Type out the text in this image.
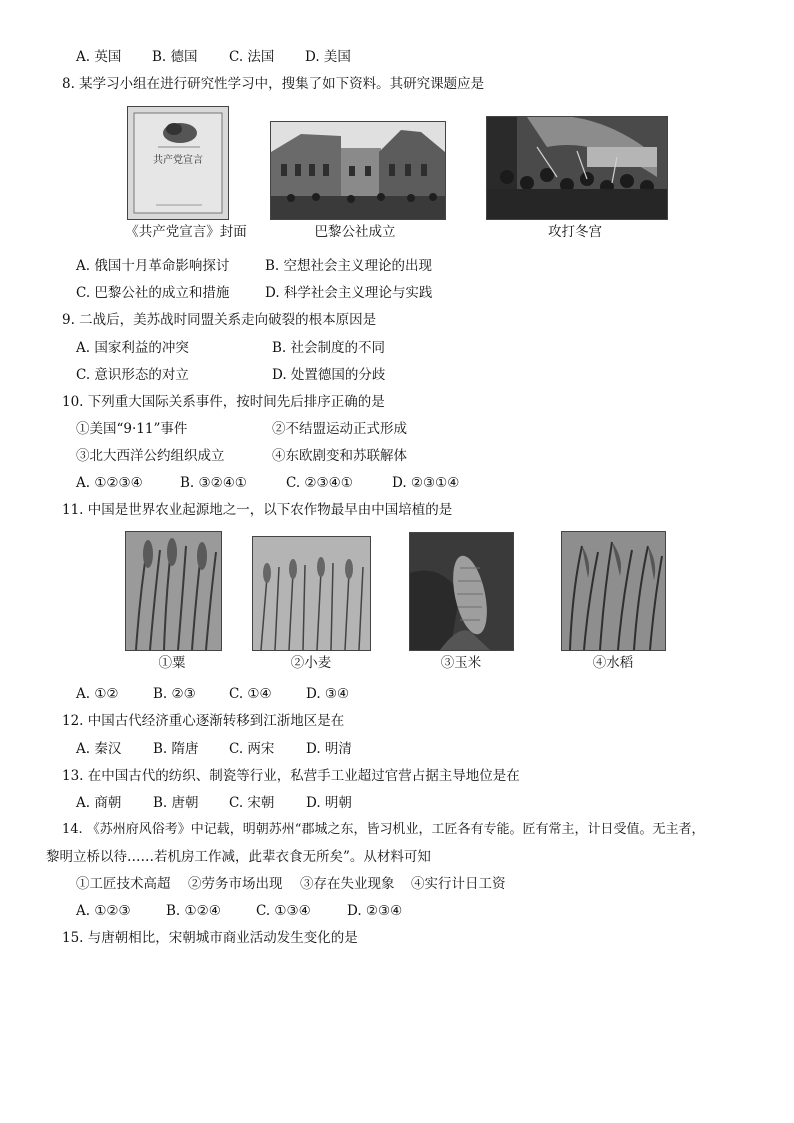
A. 英国 B. 德国 C. 法国 D. 美国
8. 某学习小组在进行研究性学习中，搜集了如下资料。其研究课题应是
共产党宣言
《共产党宣言》封面	巴黎公社成立	攻打冬宫
A. 俄国十月革命影响探讨	B. 空想社会主义理论的出现
C. 巴黎公社的成立和措施	D. 科学社会主义理论与实践
9. 二战后，美苏战时同盟关系走向破裂的根本原因是
A. 国家利益的冲突	B. 社会制度的不同
C. 意识形态的对立	D. 处置德国的分歧
10. 下列重大国际关系事件，按时间先后排序正确的是
①美国“9·11”事件	②不结盟运动正式形成
③北大西洋公约组织成立	④东欧剧变和苏联解体
A. ①②③④	B. ③②④①	C. ②③④①	D. ②③①④
11. 中国是世界农业起源地之一，以下农作物最早由中国培植的是
①粟	②小麦	③玉米	④水稻
A. ①②	B. ②③ C. ①④	D. ③④
12. 中国古代经济重心逐渐转移到江浙地区是在
A. 秦汉 B. 隋唐 C. 两宋 D. 明清
13. 在中国古代的纺织、制瓷等行业，私营手工业超过官营占据主导地位是在
A. 商朝 B. 唐朝 C. 宋朝 D. 明朝
14. 《苏州府风俗考》中记载，明朝苏州“郡城之东，皆习机业，工匠各有专能。匠有常主，计日受值。无主者，
黎明立桥以待……若机房工作减，此辈衣食无所矣”。从材料可知
①工匠技术高超 ②劳务市场出现 ③存在失业现象 ④实行计日工资
A. ①②③	B. ①②④	C. ①③④	D. ②③④
15. 与唐朝相比，宋朝城市商业活动发生变化的是
